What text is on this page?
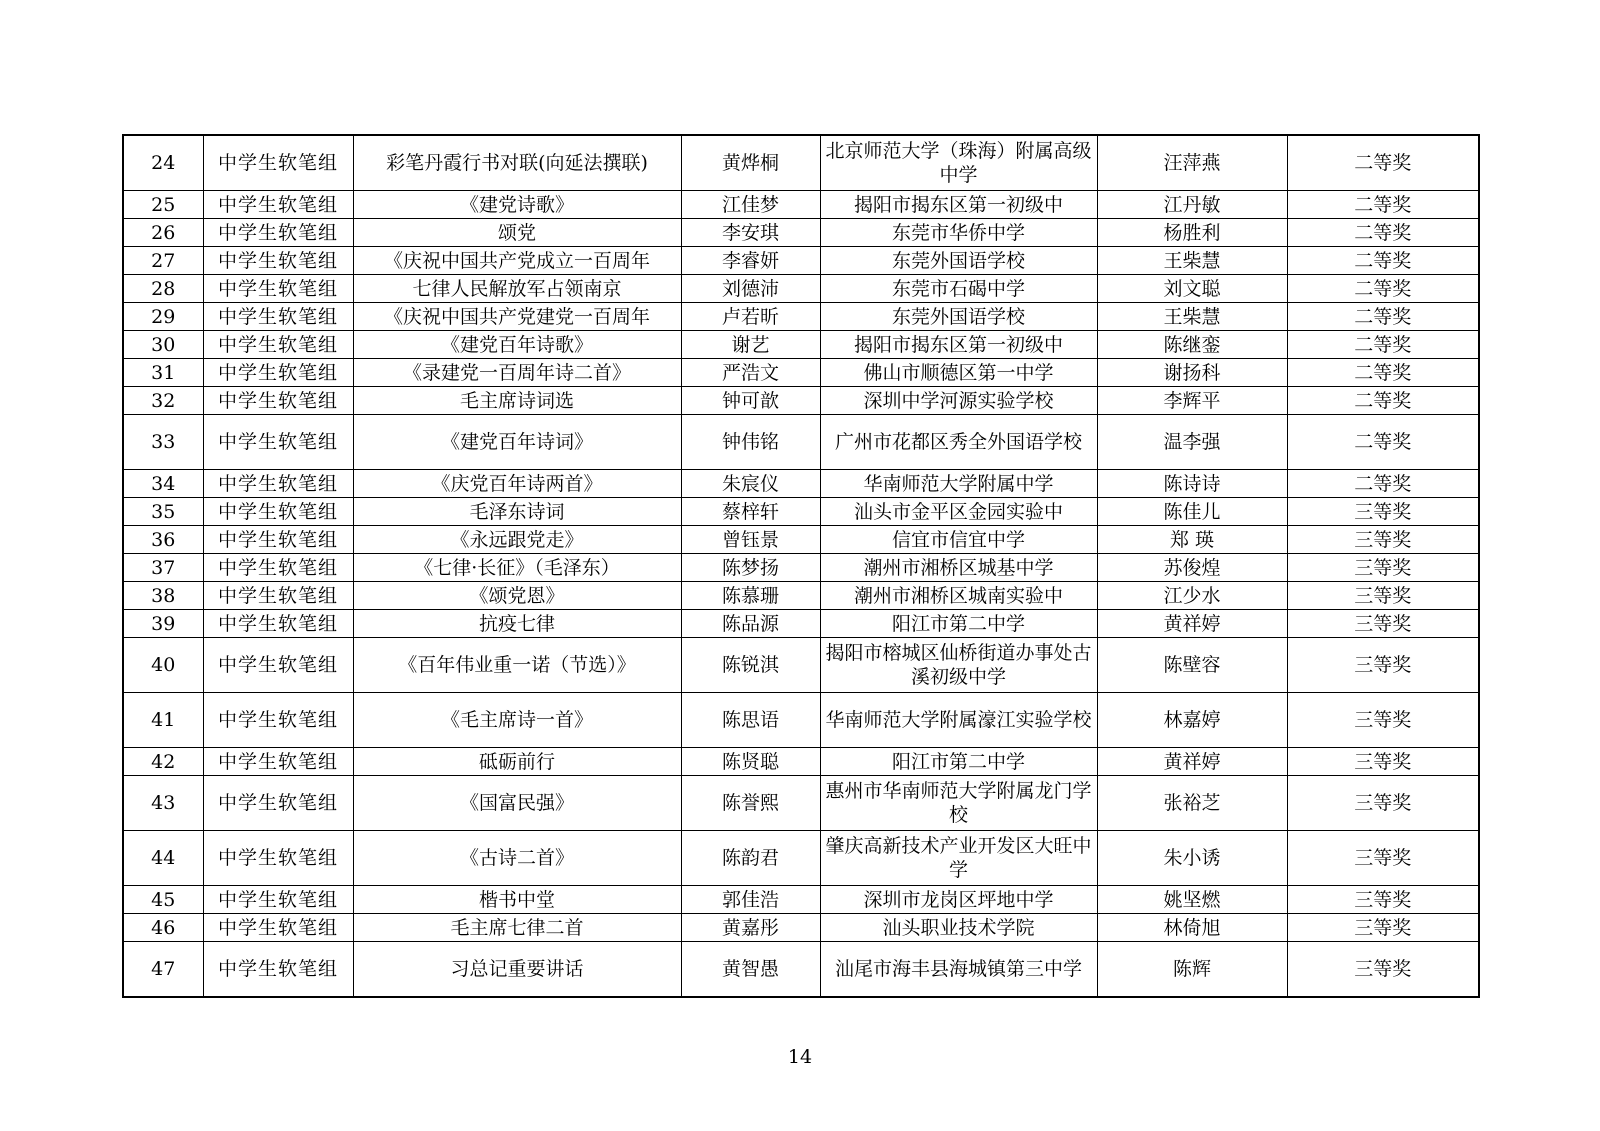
24	中学生软笔组	彩笔丹霞行书对联(向延法撰联)	黄烨桐	北京师范大学（珠海）附属高级中学	汪萍燕	二等奖
25	中学生软笔组	《建党诗歌》	江佳梦	揭阳市揭东区第一初级中	江丹敏	二等奖
26	中学生软笔组	颂党	李安琪	东莞市华侨中学	杨胜利	二等奖
27	中学生软笔组	《庆祝中国共产党成立一百周年	李睿妍	东莞外国语学校	王柴慧	二等奖
28	中学生软笔组	七律人民解放军占领南京	刘德沛	东莞市石碣中学	刘文聪	二等奖
29	中学生软笔组	《庆祝中国共产党建党一百周年	卢若昕	东莞外国语学校	王柴慧	二等奖
30	中学生软笔组	《建党百年诗歌》	谢艺	揭阳市揭东区第一初级中	陈继銮	二等奖
31	中学生软笔组	《录建党一百周年诗二首》	严浩文	佛山市顺德区第一中学	谢扬科	二等奖
32	中学生软笔组	毛主席诗词选	钟可歆	深圳中学河源实验学校	李辉平	二等奖
33	中学生软笔组	《建党百年诗词》	钟伟铭	广州市花都区秀全外国语学校	温李强	二等奖
34	中学生软笔组	《庆党百年诗两首》	朱宸仪	华南师范大学附属中学	陈诗诗	二等奖
35	中学生软笔组	毛泽东诗词	蔡梓轩	汕头市金平区金园实验中	陈佳儿	三等奖
36	中学生软笔组	《永远跟党走》	曾钰景	信宜市信宜中学	郑 瑛	三等奖
37	中学生软笔组	《七律·长征》（毛泽东）	陈梦扬	潮州市湘桥区城基中学	苏俊煌	三等奖
38	中学生软笔组	《颂党恩》	陈慕珊	潮州市湘桥区城南实验中	江少水	三等奖
39	中学生软笔组	抗疫七律	陈品源	阳江市第二中学	黄祥婷	三等奖
40	中学生软笔组	《百年伟业重一诺（节选）》	陈锐淇	揭阳市榕城区仙桥街道办事处古溪初级中学	陈壁容	三等奖
41	中学生软笔组	《毛主席诗一首》	陈思语	华南师范大学附属濠江实验学校	林嘉婷	三等奖
42	中学生软笔组	砥砺前行	陈贤聪	阳江市第二中学	黄祥婷	三等奖
43	中学生软笔组	《国富民强》	陈誉熙	惠州市华南师范大学附属龙门学校	张裕芝	三等奖
44	中学生软笔组	《古诗二首》	陈韵君	肇庆高新技术产业开发区大旺中学	朱小诱	三等奖
45	中学生软笔组	楷书中堂	郭佳浩	深圳市龙岗区坪地中学	姚坚燃	三等奖
46	中学生软笔组	毛主席七律二首	黄嘉彤	汕头职业技术学院	林倚旭	三等奖
47	中学生软笔组	习总记重要讲话	黄智愚	汕尾市海丰县海城镇第三中学	陈辉	三等奖
14
